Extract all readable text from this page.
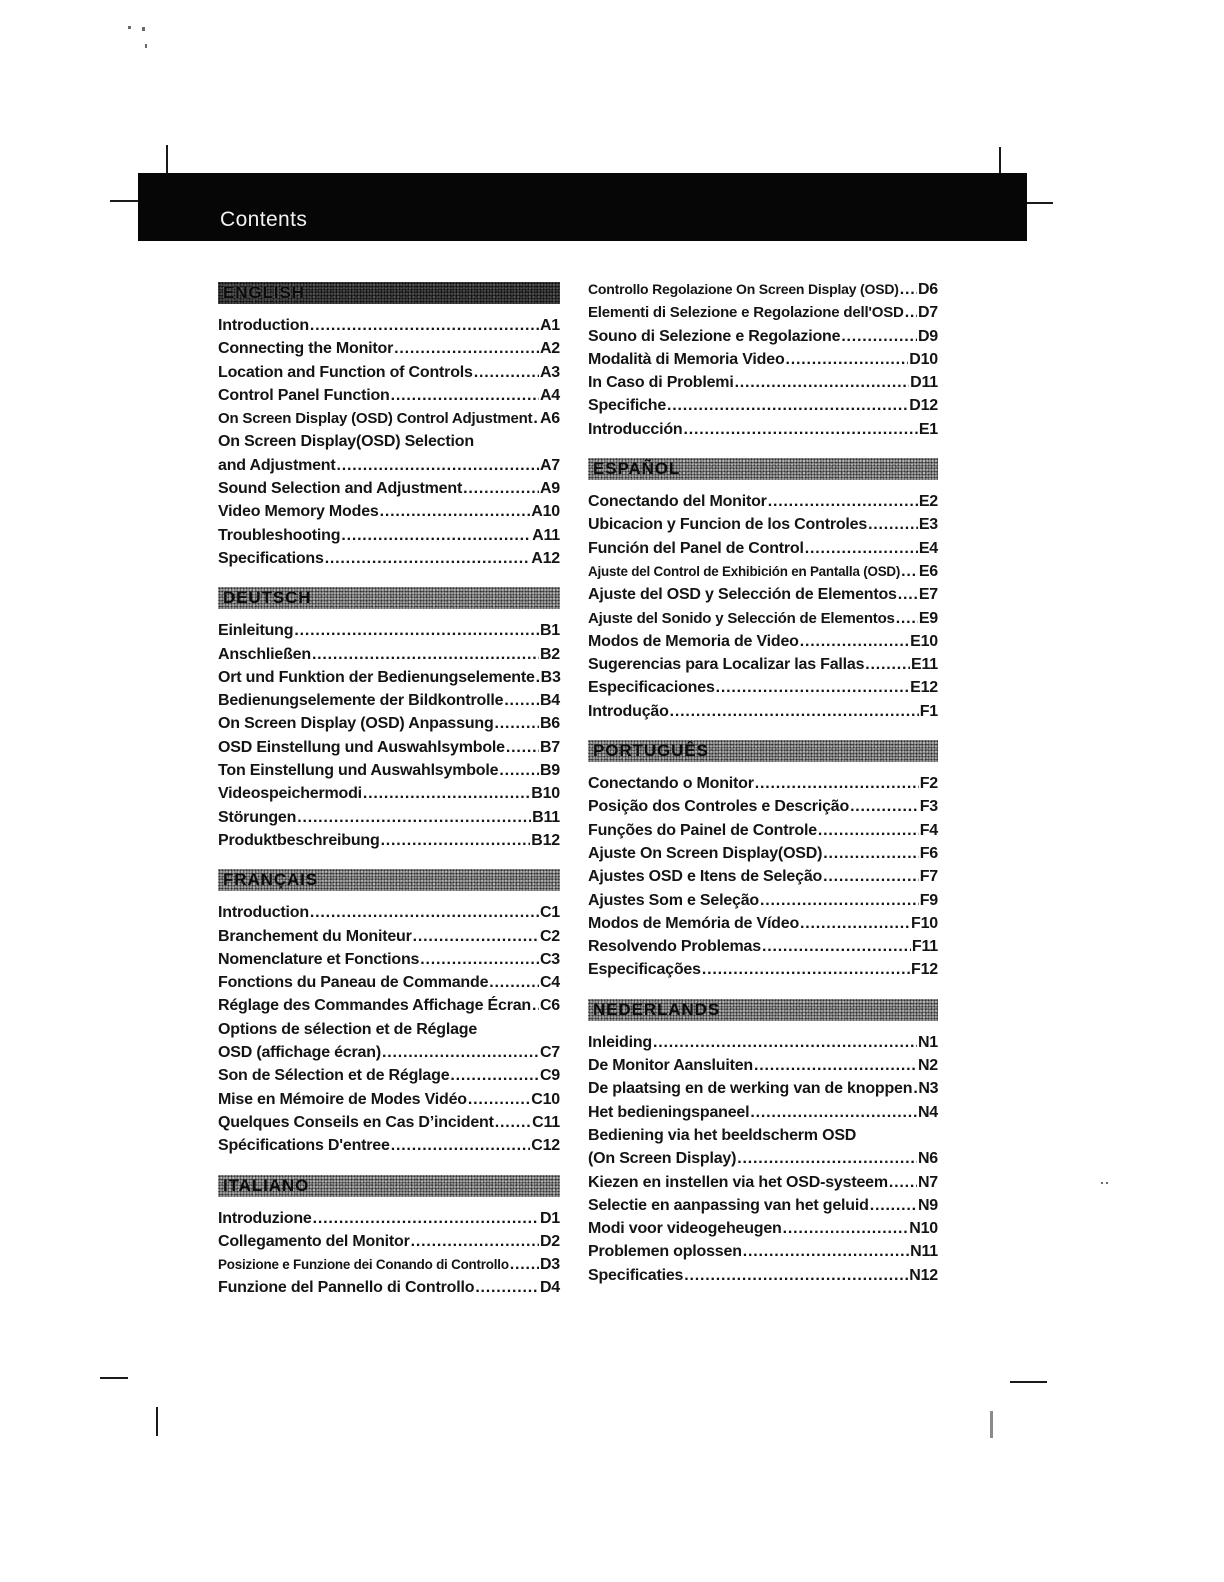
Contents
ENGLISH
Introduction .....	A1
Connecting the Monitor .....	A2
Location and Function of Controls .....	A3
Control Panel Function .....	A4
On Screen Display (OSD) Control Adjustment ..... A6
On Screen Display(OSD) Selection
and Adjustment .....	A7
Sound Selection and Adjustment .....	A9
Video Memory Modes .....	A10
Troubleshooting .....	A11
Specifications .....	A12
DEUTSCH
Einleitung .....	B1
Anschließen .....	B2
Ort und Funktion der Bedienungselemente ..... B3
Bedienungselemente der Bildkontrolle ..... B4
On Screen Display (OSD) Anpassung .....	B6
OSD Einstellung und Auswahlsymbole ..... B7
Ton Einstellung und Auswahlsymbole .....	B9
Videospeichermodi .....	B10
Störungen .....	B11
Produktbeschreibung .....	B12
FRANÇAIS
Introduction .....	C1
Branchement du Moniteur .....	C2
Nomenclature et Fonctions .....	C3
Fonctions du Paneau de Commande .....	C4
Réglage des Commandes Affichage Écran ..... C6
Options de sélection et de Réglage
OSD (affichage écran) .....	C7
Son de Sélection et de Réglage .....	C9
Mise en Mémoire de Modes Vidéo .....	C10
Quelques Conseils en Cas D’incident ..... C11
Spécifications D'entree .....	C12
ITALIANO
Introduzione .....	D1
Collegamento del Monitor .....	D2
Posizione e Funzione dei Conando di Controllo ..... D3
Funzione del Pannello di Controllo .....	D4
Controllo Regolazione On Screen Display (OSD) ..... D6
Elementi di Selezione e Regolazione dell'OSD ..... D7
Souno di Selezione e Regolazione .....	D9
Modalità di Memoria Video .....	D10
In Caso di Problemi .....	D11
Specifiche .....	D12
Introducción .....	E1
ESPAÑOL
Conectando del Monitor .....	E2
Ubicacion y Funcion de los Controles .....	E3
Función del Panel de Control .....	E4
Ajuste del Control de Exhibición en Pantalla (OSD) ..... E6
Ajuste del OSD y Selección de Elementos ..... E7
Ajuste del Sonido y Selección de Elementos ..... E9
Modos de Memoria de Video .....	E10
Sugerencias para Localizar las Fallas .....	E11
Especificaciones .....	E12
Introdução .....	F1
PORTUGUÊS
Conectando o Monitor .....	F2
Posição dos Controles e Descrição .....	F3
Funções do Painel de Controle .....	F4
Ajuste On Screen Display(OSD) .....	F6
Ajustes OSD e Itens de Seleção .....	F7
Ajustes Som e Seleção .....	F9
Modos de Memória de Vídeo .....	F10
Resolvendo Problemas .....	F11
Especificações .....	F12
NEDERLANDS
Inleiding .....	N1
De Monitor Aansluiten .....	N2
De plaatsing en de werking van de knoppen ..... N3
Het bedieningspaneel .....	N4
Bediening via het beeldscherm OSD
(On Screen Display) .....	N6
Kiezen en instellen via het OSD-systeem ..... N7
Selectie en aanpassing van het geluid .....	N9
Modi voor videogeheugen .....	N10
Problemen oplossen .....	N11
Specificaties .....	N12
